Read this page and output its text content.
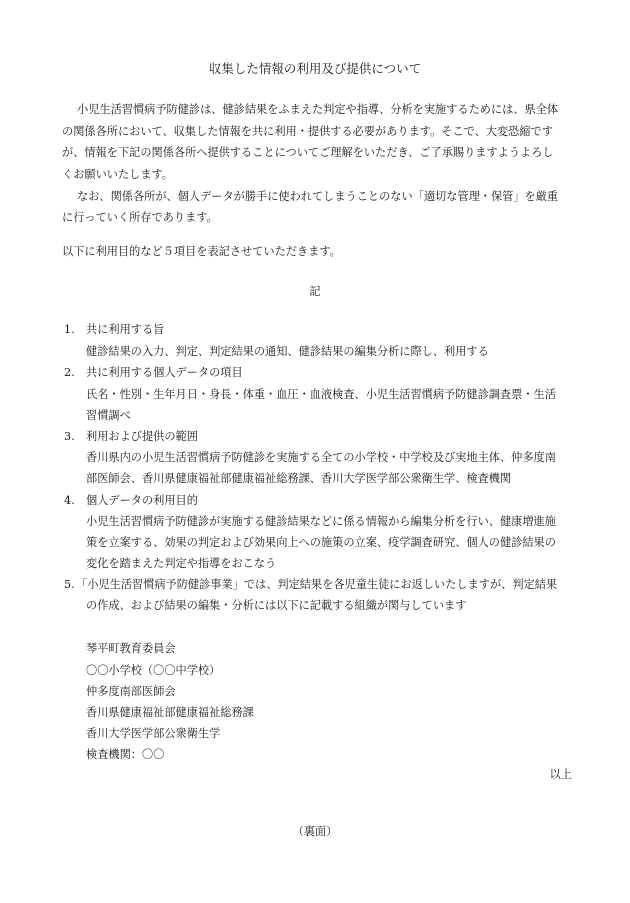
収集した情報の利用及び提供について
小児生活習慣病予防健診は、健診結果をふまえた判定や指導、分析を実施するためには、県全体
の関係各所において、収集した情報を共に利用・提供する必要があります。そこで、大変恐縮です
が、情報を下記の関係各所へ提供することについてご理解をいただき、ご了承賜りますようよろし
くお願いいたします。
なお、関係各所が、個人データが勝手に使われてしまうことのない「適切な管理・保管」を厳重
に行っていく所存であります。
以下に利用目的など５項目を表記させていただきます。
記
1. 共に利用する旨
健診結果の入力、判定、判定結果の通知、健診結果の編集分析に際し、利用する
2. 共に利用する個人データの項目
氏名・性別・生年月日・身長・体重・血圧・血液検査、小児生活習慣病予防健診調査票・生活
習慣調べ
3. 利用および提供の範囲
香川県内の小児生活習慣病予防健診を実施する全ての小学校・中学校及び実地主体、仲多度南
部医師会、香川県健康福祉部健康福祉総務課、香川大学医学部公衆衛生学、検査機関
4. 個人データの利用目的
小児生活習慣病予防健診が実施する健診結果などに係る情報から編集分析を行い、健康増進施
策を立案する、効果の判定および効果向上への施策の立案、疫学調査研究、個人の健診結果の
変化を踏まえた判定や指導をおこなう
5. 「小児生活習慣病予防健診事業」では、判定結果を各児童生徒にお返しいたしますが、判定結果
の作成、および結果の編集・分析には以下に記載する組織が関与しています
琴平町教育委員会
〇〇小学校（〇〇中学校）
仲多度南部医師会
香川県健康福祉部健康福祉総務課
香川大学医学部公衆衛生学
検査機関：〇〇
以上
（裏面）
